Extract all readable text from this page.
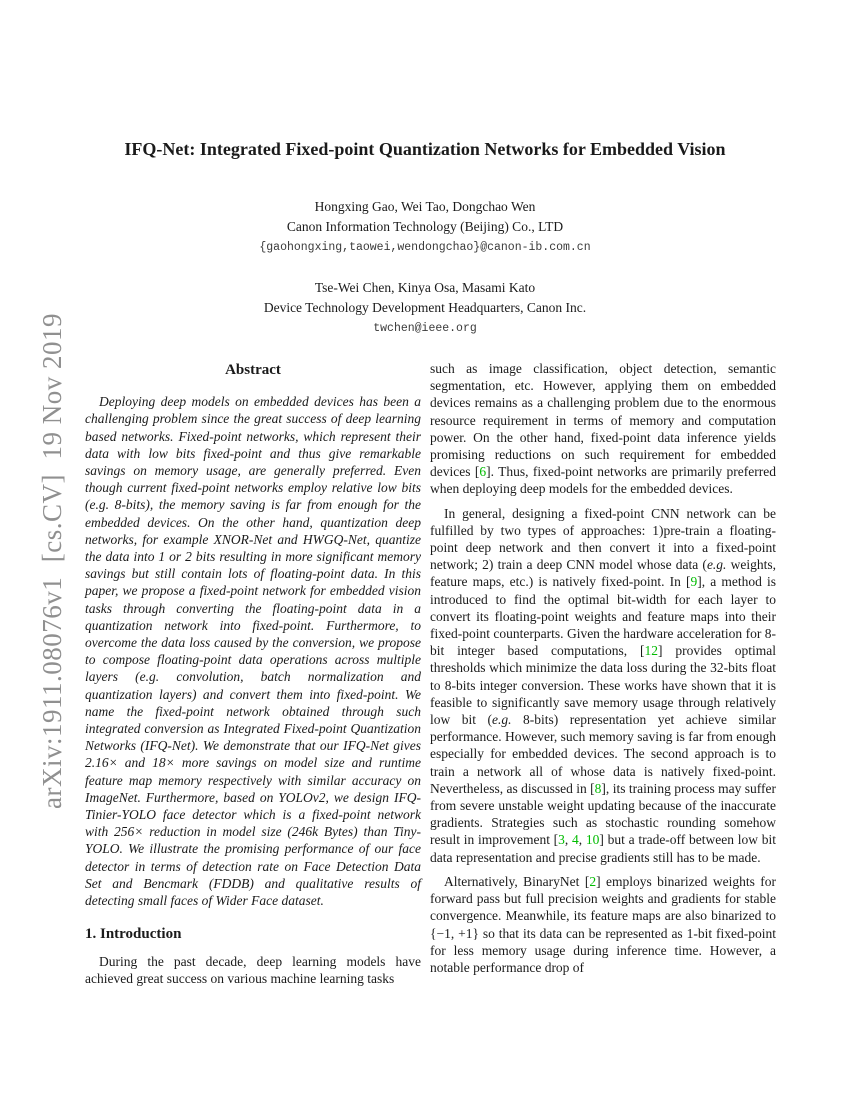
arXiv:1911.08076v1  [cs.CV]  19 Nov 2019
IFQ-Net: Integrated Fixed-point Quantization Networks for Embedded Vision
Hongxing Gao, Wei Tao, Dongchao Wen
Canon Information Technology (Beijing) Co., LTD
{gaohongxing,taowei,wendongchao}@canon-ib.com.cn
Tse-Wei Chen, Kinya Osa, Masami Kato
Device Technology Development Headquarters, Canon Inc.
twchen@ieee.org
Abstract

Deploying deep models on embedded devices has been a challenging problem since the great success of deep learning based networks. Fixed-point networks, which represent their data with low bits fixed-point and thus give remarkable savings on memory usage, are generally preferred. Even though current fixed-point networks employ relative low bits (e.g. 8-bits), the memory saving is far from enough for the embedded devices. On the other hand, quantization deep networks, for example XNOR-Net and HWGQ-Net, quantize the data into 1 or 2 bits resulting in more significant memory savings but still contain lots of floating-point data. In this paper, we propose a fixed-point network for embedded vision tasks through converting the floating-point data in a quantization network into fixed-point. Furthermore, to overcome the data loss caused by the conversion, we propose to compose floating-point data operations across multiple layers (e.g. convolution, batch normalization and quantization layers) and convert them into fixed-point. We name the fixed-point network obtained through such integrated conversion as Integrated Fixed-point Quantization Networks (IFQ-Net). We demonstrate that our IFQ-Net gives 2.16× and 18× more savings on model size and runtime feature map memory respectively with similar accuracy on ImageNet. Furthermore, based on YOLOv2, we design IFQ-Tinier-YOLO face detector which is a fixed-point network with 256× reduction in model size (246k Bytes) than Tiny-YOLO. We illustrate the promising performance of our face detector in terms of detection rate on Face Detection Data Set and Bencmark (FDDB) and qualitative results of detecting small faces of Wider Face dataset.

1. Introduction

During the past decade, deep learning models have achieved great success on various machine learning tasks

such as image classification, object detection, semantic segmentation, etc. However, applying them on embedded devices remains as a challenging problem due to the enormous resource requirement in terms of memory and computation power. On the other hand, fixed-point data inference yields promising reductions on such requirement for embedded devices [6]. Thus, fixed-point networks are primarily preferred when deploying deep models for the embedded devices.

In general, designing a fixed-point CNN network can be fulfilled by two types of approaches: 1)pre-train a floating-point deep network and then convert it into a fixed-point network; 2) train a deep CNN model whose data (e.g. weights, feature maps, etc.) is natively fixed-point. In [9], a method is introduced to find the optimal bit-width for each layer to convert its floating-point weights and feature maps into their fixed-point counterparts. Given the hardware acceleration for 8-bit integer based computations, [12] provides optimal thresholds which minimize the data loss during the 32-bits float to 8-bits integer conversion. These works have shown that it is feasible to significantly save memory usage through relatively low bit (e.g. 8-bits) representation yet achieve similar performance. However, such memory saving is far from enough especially for embedded devices. The second approach is to train a network all of whose data is natively fixed-point. Nevertheless, as discussed in [8], its training process may suffer from severe unstable weight updating because of the inaccurate gradients. Strategies such as stochastic rounding somehow result in improvement [3, 4, 10] but a trade-off between low bit data representation and precise gradients still has to be made.

Alternatively, BinaryNet [2] employs binarized weights for forward pass but full precision weights and gradients for stable convergence. Meanwhile, its feature maps are also binarized to {−1, +1} so that its data can be represented as 1-bit fixed-point for less memory usage during inference time. However, a notable performance drop of
